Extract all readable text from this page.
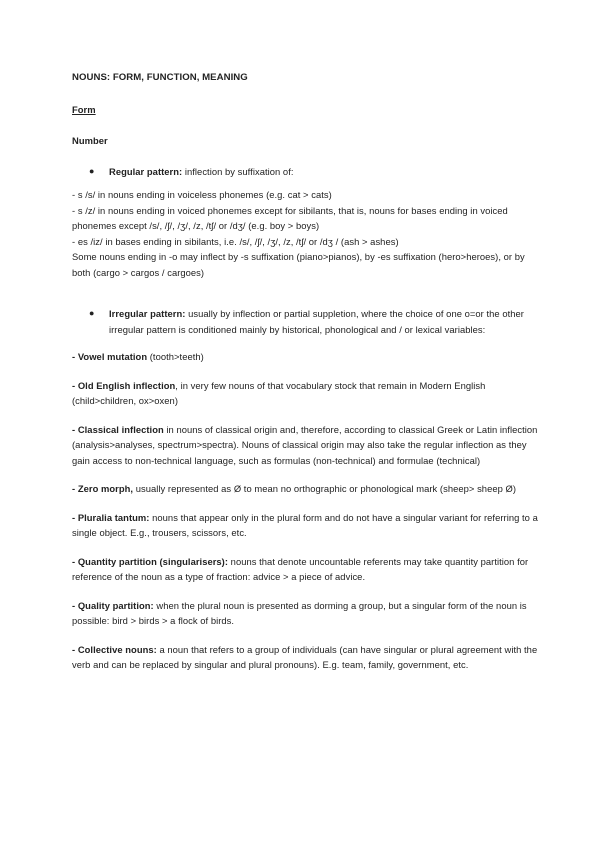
NOUNS: FORM, FUNCTION, MEANING

Form

Number

● Regular pattern: inflection by suffixation of:

- s /s/ in nouns ending in voiceless phonemes (e.g. cat > cats)

- s /z/ in nouns ending in voiced phonemes except for sibilants, that is, nouns for bases ending in voiced phonemes except /s/, /ʃ/, /ʒ/, /z, /tʃ/ or /dʒ/ (e.g. boy > boys)

- es /iz/ in bases ending in sibilants, i.e. /s/, /ʃ/, /ʒ/, /z, /tʃ/ or /dʒ / (ash > ashes)

Some nouns ending in -o may inflect by -s suffixation (piano>pianos), by -es suffixation (hero>heroes), or by both (cargo > cargos / cargoes)

● Irregular pattern: usually by inflection or partial suppletion, where the choice of one o=or the other irregular pattern is conditioned mainly by historical, phonological and / or lexical variables:

- Vowel mutation (tooth>teeth)

- Old English inflection, in very few nouns of that vocabulary stock that remain in Modern English (child>children, ox>oxen)

- Classical inflection in nouns of classical origin and, therefore, according to classical Greek or Latin inflection (analysis>analyses, spectrum>spectra). Nouns of classical origin may also take the regular inflection as they gain access to non-technical language, such as formulas (non-technical) and formulae (technical)

- Zero morph, usually represented as Ø to mean no orthographic or phonological mark (sheep> sheep Ø)

- Pluralia tantum: nouns that appear only in the plural form and do not have a singular variant for referring to a single object. E.g., trousers, scissors, etc.

- Quantity partition (singularisers): nouns that denote uncountable referents may take quantity partition for reference of the noun as a type of fraction: advice > a piece of advice.

- Quality partition: when the plural noun is presented as dorming a group, but a singular form of the noun is possible: bird > birds > a flock of birds.

- Collective nouns: a noun that refers to a group of individuals (can have singular or plural agreement with the verb and can be replaced by singular and plural pronouns). E.g. team, family, government, etc.
